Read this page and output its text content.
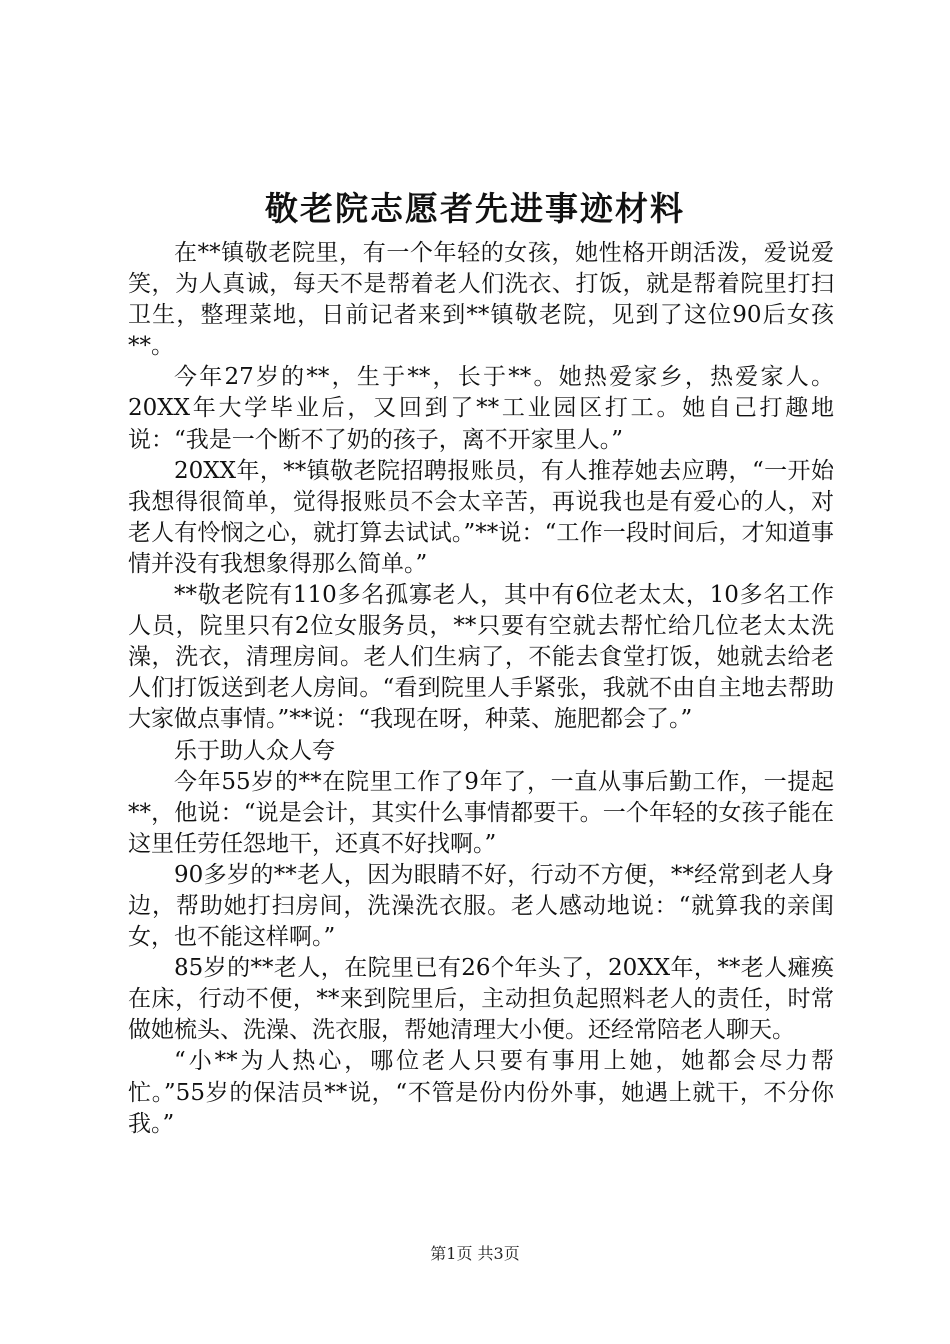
敬老院志愿者先进事迹材料

在**镇敬老院里，有一个年轻的女孩，她性格开朗活泼，爱说爱笑，为人真诚，每天不是帮着老人们洗衣、打饭，就是帮着院里打扫卫生，整理菜地，日前记者来到**镇敬老院，见到了这位90后女孩**。

今年27岁的**，生于**，长于**。她热爱家乡，热爱家人。20XX年大学毕业后，又回到了**工业园区打工。她自己打趣地说：“我是一个断不了奶的孩子，离不开家里人。”

20XX年，**镇敬老院招聘报账员，有人推荐她去应聘，“一开始我想得很简单，觉得报账员不会太辛苦，再说我也是有爱心的人，对老人有怜悯之心，就打算去试试。”**说：“工作一段时间后，才知道事情并没有我想象得那么简单。”

**敬老院有110多名孤寡老人，其中有6位老太太，10多名工作人员，院里只有2位女服务员，**只要有空就去帮忙给几位老太太洗澡，洗衣，清理房间。老人们生病了，不能去食堂打饭，她就去给老人们打饭送到老人房间。“看到院里人手紧张，我就不由自主地去帮助大家做点事情。”**说：“我现在呀，种菜、施肥都会了。”

乐于助人众人夸

今年55岁的**在院里工作了9年了，一直从事后勤工作，一提起**，他说：“说是会计，其实什么事情都要干。一个年轻的女孩子能在这里任劳任怨地干，还真不好找啊。”

90多岁的**老人，因为眼睛不好，行动不方便，**经常到老人身边，帮助她打扫房间，洗澡洗衣服。老人感动地说：“就算我的亲闺女，也不能这样啊。”

85岁的**老人，在院里已有26个年头了，20XX年，**老人瘫痪在床，行动不便，**来到院里后，主动担负起照料老人的责任，时常做她梳头、洗澡、洗衣服，帮她清理大小便。还经常陪老人聊天。

“小**为人热心，哪位老人只要有事用上她，她都会尽力帮忙。”55岁的保洁员**说，“不管是份内份外事，她遇上就干，不分你我。”

第1页 共3页
